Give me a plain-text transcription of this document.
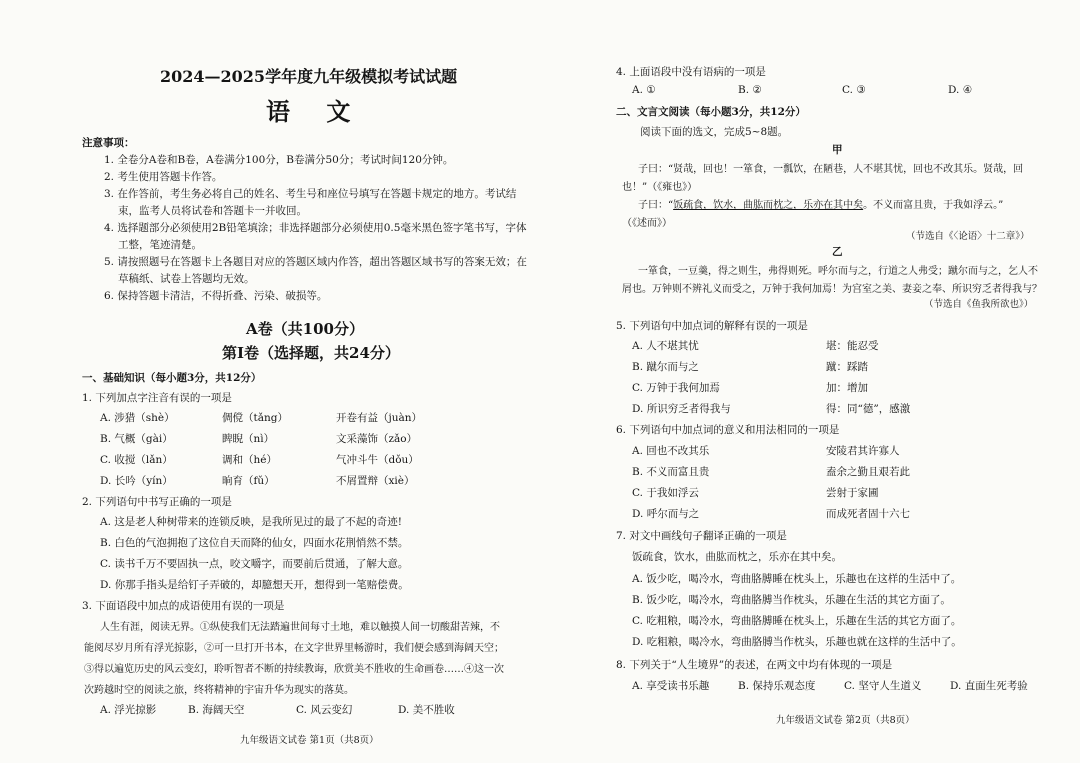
2024—2025学年度九年级模拟考试试题
语 文
注意事项：
1. 全卷分A卷和B卷，A卷满分100分，B卷满分50分；考试时间120分钟。
2. 考生使用答题卡作答。
3. 在作答前，考生务必将自己的姓名、考生号和座位号填写在答题卡规定的地方。考试结
束，监考人员将试卷和答题卡一并收回。
4. 选择题部分必须使用2B铅笔填涂；非选择题部分必须使用0.5毫米黑色签字笔书写，字体
工整，笔迹清楚。
5. 请按照题号在答题卡上各题目对应的答题区域内作答，超出答题区域书写的答案无效；在
草稿纸、试卷上答题均无效。
6. 保持答题卡清洁，不得折叠、污染、破损等。
A卷（共100分）
第Ⅰ卷（选择题，共24分）
一、基础知识（每小题3分，共12分）
1. 下列加点字注音有误的一项是
A. 涉猎（shè）	倜傥（tǎng）	开卷有益（juàn）
B. 气概（gài）	睥睨（nì）	文采藻饰（zǎo）
C. 收搅（lǎn）	调和（hé）	气冲斗牛（dǒu）
D. 长吟（yín）	晌育（fǔ）	不屑置辩（xiè）
2. 下列语句中书写正确的一项是
A. 这是老人种树带来的连锁反映，是我所见过的最了不起的奇迹!
B. 白色的气泡拥抱了这位自天而降的仙女，四面水花荆悄然不禁。
C. 读书千万不要固执一点，咬文嚼字，而要前后贯通，了解大意。
D. 你那手指头是给钉子弄破的，却臆想天开，想得到一笔赔偿费。
3. 下面语段中加点的成语使用有误的一项是
人生有涯，阅读无界。①纵使我们无法踏遍世间每寸土地，难以触摸人间一切酸甜苦辣，不
能阅尽岁月所有浮光掠影，②可一旦打开书本，在文字世界里畅游时，我们便会感到海阔天空；
③得以遍览历史的风云变幻，聆听智者不断的持续教诲，欣赏美不胜收的生命画卷……④这一次
次跨越时空的阅读之旅，终将精神的宇宙升华为现实的落莫。
A. 浮光掠影	B. 海阔天空	C. 风云变幻	D. 美不胜收
九年级语文试卷 第1页（共8页）
4. 上面语段中没有语病的一项是
A. ①	B. ②	C. ③	D. ④
二、文言文阅读（每小题3分，共12分）
阅读下面的选文，完成5~8题。
甲
子曰：“贤哉，回也！一箪食，一瓢饮，在陋巷，人不堪其忧，回也不改其乐。贤哉，回
也！”（《雍也》）
子曰：“饭疏食，饮水，曲肱而枕之，乐亦在其中矣。不义而富且贵，于我如浮云。”
（《述而》）
（节选自《〈论语〉十二章》）
乙
一箪食，一豆羹，得之则生，弗得则死。呼尔而与之，行道之人弗受；蹴尔而与之，乞人不
屑也。万钟则不辨礼义而受之，万钟于我何加焉！为宫室之美、妻妾之奉、所识穷乏者得我与？
（节选自《鱼我所欲也》）
5. 下列语句中加点词的解释有误的一项是
A. 人不堪其忧	堪：能忍受
B. 蹴尔而与之	蹴：踩踏
C. 万钟于我何加焉	加：增加
D. 所识穷乏者得我与	得：同“德”，感激
6. 下列语句中加点词的意义和用法相同的一项是
A. 回也不改其乐	安陵君其许寡人
B. 不义而富且贵	盍余之勤且艰若此
C. 于我如浮云	尝射于家圃
D. 呼尔而与之	而成死者固十六七
7. 对文中画线句子翻译正确的一项是
饭疏食，饮水，曲肱而枕之，乐亦在其中矣。
A. 饭少吃，喝冷水，弯曲胳膊睡在枕头上，乐趣也在这样的生活中了。
B. 饭少吃，喝冷水，弯曲胳膊当作枕头，乐趣在生活的其它方面了。
C. 吃粗粮，喝冷水，弯曲胳膊睡在枕头上，乐趣在生活的其它方面了。
D. 吃粗粮，喝冷水，弯曲胳膊当作枕头，乐趣也就在这样的生活中了。
8. 下列关于“人生境界”的表述，在两文中均有体现的一项是
A. 享受读书乐趣	B. 保持乐观态度	C. 坚守人生道义	D. 直面生死考验
九年级语文试卷 第2页（共8页）
